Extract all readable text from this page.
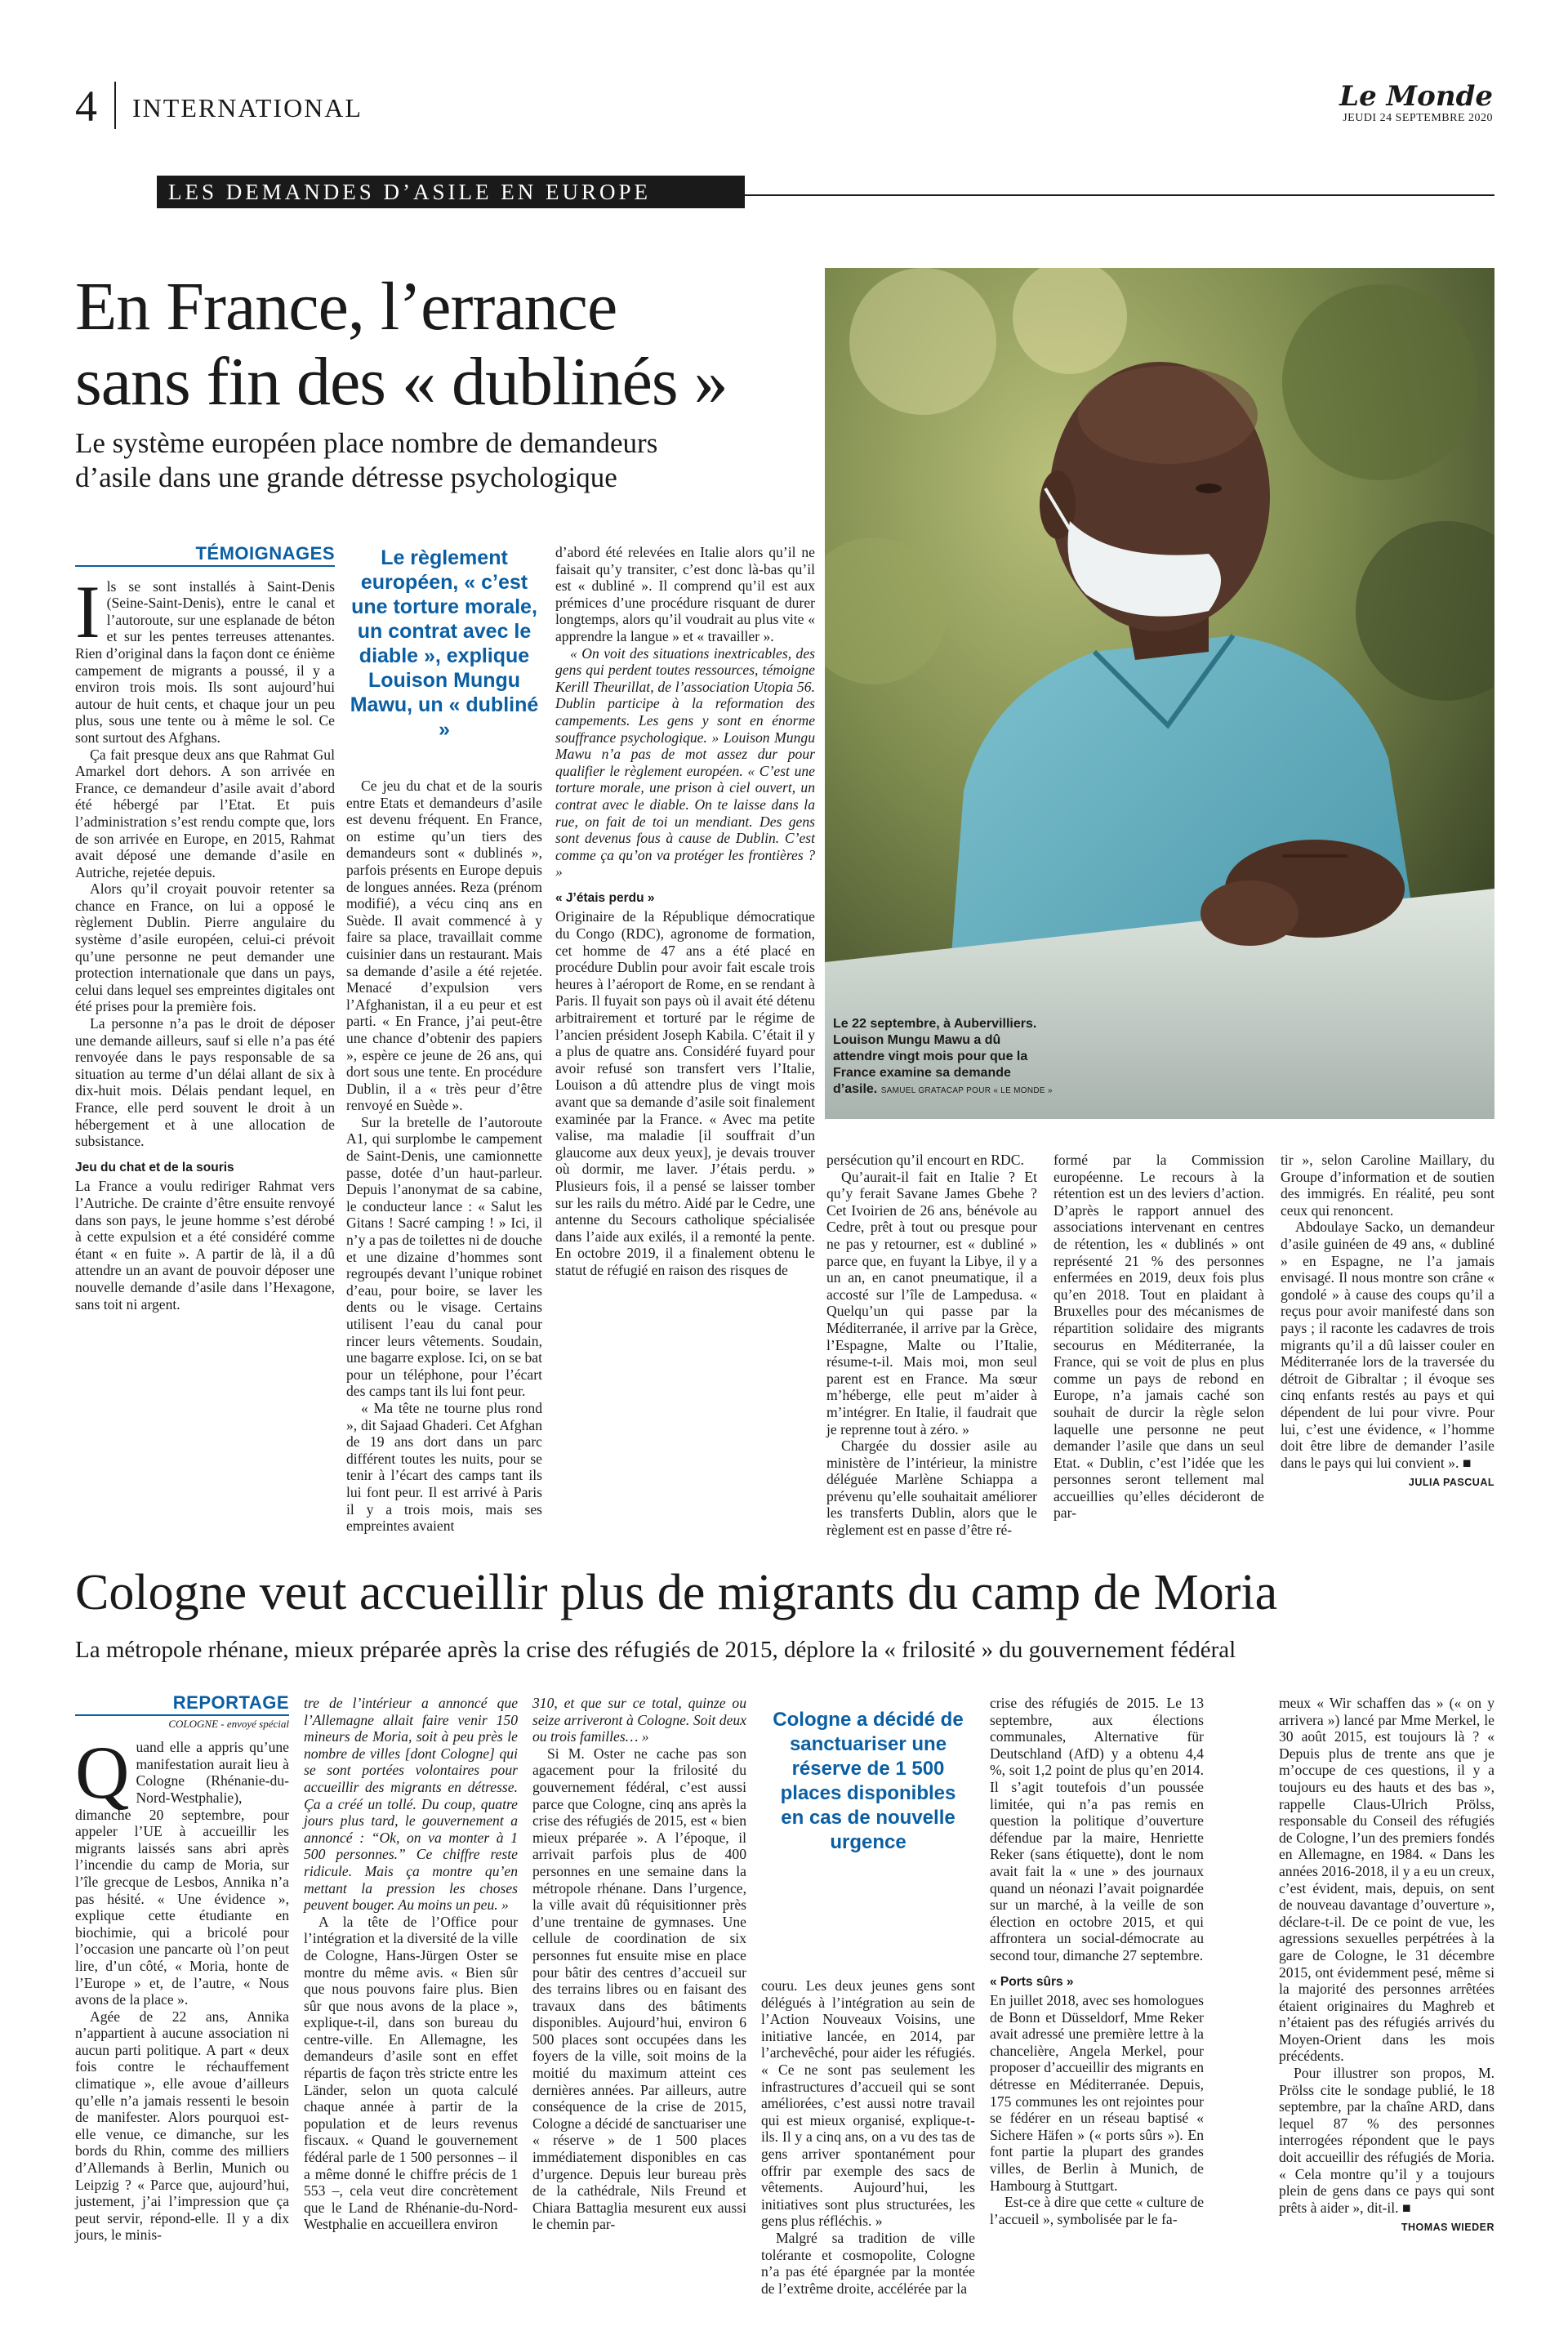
4 INTERNATIONAL	Le Monde
JEUDI 24 SEPTEMBRE 2020
LES DEMANDES D’ASILE EN EUROPE
En France, l’errance
sans fin des « dublinés »
Le système européen place nombre de demandeurs
d’asile dans une grande détresse psychologique
Le 22 septembre, à Aubervilliers. Louison Mungu Mawu a dû attendre vingt mois pour que la France examine sa demande d’asile. SAMUEL GRATACAP POUR « LE MONDE »
TÉMOIGNAGES

Ils se sont installés à Saint-Denis (Seine-Saint-Denis), entre le canal et l’autoroute, sur une esplanade de béton et sur les pentes terreuses attenantes. Rien d’original dans la façon dont ce énième campement de migrants a poussé, il y a environ trois mois. Ils sont aujourd’hui autour de huit cents, et chaque jour un peu plus, sous une tente ou à même le sol. Ce sont surtout des Afghans.

Ça fait presque deux ans que Rahmat Gul Amarkel dort dehors. A son arrivée en France, ce demandeur d’asile avait d’abord été hébergé par l’Etat. Et puis l’administration s’est rendu compte que, lors de son arrivée en Europe, en 2015, Rahmat avait déposé une demande d’asile en Autriche, rejetée depuis.

Alors qu’il croyait pouvoir retenter sa chance en France, on lui a opposé le règlement Dublin. Pierre angulaire du système d’asile européen, celui-ci prévoit qu’une personne ne peut demander une protection internationale que dans un pays, celui dans lequel ses empreintes digitales ont été prises pour la première fois.

La personne n’a pas le droit de déposer une demande ailleurs, sauf si elle n’a pas été renvoyée dans le pays responsable de sa situation au terme d’un délai allant de six à dix-huit mois. Délais pendant lequel, en France, elle perd souvent le droit à un hébergement et à une allocation de subsistance.

Jeu du chat et de la souris

La France a voulu rediriger Rahmat vers l’Autriche. De crainte d’être ensuite renvoyé dans son pays, le jeune homme s’est dérobé à cette expulsion et a été considéré comme étant « en fuite ». A partir de là, il a dû attendre un an avant de pouvoir déposer une nouvelle demande d’asile dans l’Hexagone, sans toit ni argent.

Le règlement européen, « c’est une torture morale, un contrat avec le diable », explique Louison Mungu Mawu, un « dubliné »

Ce jeu du chat et de la souris entre Etats et demandeurs d’asile est devenu fréquent. En France, on estime qu’un tiers des demandeurs sont « dublinés », parfois présents en Europe depuis de longues années. Reza (prénom modifié), a vécu cinq ans en Suède. Il avait commencé à y faire sa place, travaillait comme cuisinier dans un restaurant. Mais sa demande d’asile a été rejetée. Menacé d’expulsion vers l’Afghanistan, il a eu peur et est parti. « En France, j’ai peut-être une chance d’obtenir des papiers », espère ce jeune de 26 ans, qui dort sous une tente. En procédure Dublin, il a « très peur d’être renvoyé en Suède ».

Sur la bretelle de l’autoroute A1, qui surplombe le campement de Saint-Denis, une camionnette passe, dotée d’un haut-parleur. Depuis l’anonymat de sa cabine, le conducteur lance : « Salut les Gitans ! Sacré camping ! » Ici, il n’y a pas de toilettes ni de douche et une dizaine d’hommes sont regroupés devant l’unique robinet d’eau, pour boire, se laver les dents ou le visage. Certains utilisent l’eau du canal pour rincer leurs vêtements. Soudain, une bagarre explose. Ici, on se bat pour un téléphone, pour l’écart des camps tant ils lui font peur.

« Ma tête ne tourne plus rond », dit Sajaad Ghaderi. Cet Afghan de 19 ans dort dans un parc différent toutes les nuits, pour se tenir à l’écart des camps tant ils lui font peur. Il est arrivé à Paris il y a trois mois, mais ses empreintes avaient

d’abord été relevées en Italie alors qu’il ne faisait qu’y transiter, c’est donc là-bas qu’il est « dubliné ». Il comprend qu’il est aux prémices d’une procédure risquant de durer longtemps, alors qu’il voudrait au plus vite « apprendre la langue » et « travailler ».

« On voit des situations inextricables, des gens qui perdent toutes ressources, témoigne Kerill Theurillat, de l’association Utopia 56. Dublin participe à la reformation des campements. Les gens y sont en énorme souffrance psychologique. » Louison Mungu Mawu n’a pas de mot assez dur pour qualifier le règlement européen. « C’est une torture morale, une prison à ciel ouvert, un contrat avec le diable. On te laisse dans la rue, on fait de toi un mendiant. Des gens sont devenus fous à cause de Dublin. C’est comme ça qu’on va protéger les frontières ? »

« J’étais perdu »

Originaire de la République démocratique du Congo (RDC), agronome de formation, cet homme de 47 ans a été placé en procédure Dublin pour avoir fait escale trois heures à l’aéroport de Rome, en se rendant à Paris. Il fuyait son pays où il avait été détenu arbitrairement et torturé par le régime de l’ancien président Joseph Kabila. C’était il y a plus de quatre ans. Considéré fuyard pour avoir refusé son transfert vers l’Italie, Louison a dû attendre plus de vingt mois avant que sa demande d’asile soit finalement examinée par la France. « Avec ma petite valise, ma maladie [il souffrait d’un glaucome aux deux yeux], je devais trouver où dormir, me laver. J’étais perdu. » Plusieurs fois, il a pensé se laisser tomber sur les rails du métro. Aidé par le Cedre, une antenne du Secours catholique spécialisée dans l’aide aux exilés, il a remonté la pente. En octobre 2019, il a finalement obtenu le statut de réfugié en raison des risques de

persécution qu’il encourt en RDC.

Qu’aurait-il fait en Italie ? Et qu’y ferait Savane James Gbehe ? Cet Ivoirien de 26 ans, bénévole au Cedre, prêt à tout ou presque pour ne pas y retourner, est « dubliné » parce que, en fuyant la Libye, il y a un an, en canot pneumatique, il a accosté sur l’île de Lampedusa. « Quelqu’un qui passe par la Méditerranée, il arrive par la Grèce, l’Espagne, Malte ou l’Italie, résume-t-il. Mais moi, mon seul parent est en France. Ma sœur m’héberge, elle peut m’aider à m’intégrer. En Italie, il faudrait que je reprenne tout à zéro. »

Chargée du dossier asile au ministère de l’intérieur, la ministre déléguée Marlène Schiappa a prévenu qu’elle souhaitait améliorer les transferts Dublin, alors que le règlement est en passe d’être ré-

formé par la Commission européenne. Le recours à la rétention est un des leviers d’action. D’après le rapport annuel des associations intervenant en centres de rétention, les « dublinés » ont représenté 21 % des personnes enfermées en 2019, deux fois plus qu’en 2018. Tout en plaidant à Bruxelles pour des mécanismes de répartition solidaire des migrants secourus en Méditerranée, la France, qui se voit de plus en plus comme un pays de rebond en Europe, n’a jamais caché son souhait de durcir la règle selon laquelle une personne ne peut demander l’asile que dans un seul Etat. « Dublin, c’est l’idée que les personnes seront tellement mal accueillies qu’elles décideront de par-

tir », selon Caroline Maillary, du Groupe d’information et de soutien des immigrés. En réalité, peu sont ceux qui renoncent.

Abdoulaye Sacko, un demandeur d’asile guinéen de 49 ans, « dubliné » en Espagne, ne l’a jamais envisagé. Il nous montre son crâne « gondolé » à cause des coups qu’il a reçus pour avoir manifesté dans son pays ; il raconte les cadavres de trois migrants qu’il a dû laisser couler en Méditerranée lors de la traversée du détroit de Gibraltar ; il évoque ses cinq enfants restés au pays et qui dépendent de lui pour vivre. Pour lui, c’est une évidence, « l’homme doit être libre de demander l’asile dans le pays qui lui convient ». ■

JULIA PASCUAL

Cologne veut accueillir plus de migrants du camp de Moria
La métropole rhénane, mieux préparée après la crise des réfugiés de 2015, déplore la « frilosité » du gouvernement fédéral
REPORTAGE
COLOGNE - envoyé spécial

Quand elle a appris qu’une manifestation aurait lieu à Cologne (Rhénanie-du-Nord-Westphalie), dimanche 20 septembre, pour appeler l’UE à accueillir les migrants laissés sans abri après l’incendie du camp de Moria, sur l’île grecque de Lesbos, Annika n’a pas hésité. « Une évidence », explique cette étudiante en biochimie, qui a bricolé pour l’occasion une pancarte où l’on peut lire, d’un côté, « Moria, honte de l’Europe » et, de l’autre, « Nous avons de la place ».

Agée de 22 ans, Annika n’appartient à aucune association ni aucun parti politique. A part « deux fois contre le réchauffement climatique », elle avoue d’ailleurs qu’elle n’a jamais ressenti le besoin de manifester. Alors pourquoi est-elle venue, ce dimanche, sur les bords du Rhin, comme des milliers d’Allemands à Berlin, Munich ou Leipzig ? « Parce que, aujourd’hui, justement, j’ai l’impression que ça peut servir, répond-elle. Il y a dix jours, le minis-

tre de l’intérieur a annoncé que l’Allemagne allait faire venir 150 mineurs de Moria, soit à peu près le nombre de villes [dont Cologne] qui se sont portées volontaires pour accueillir des migrants en détresse. Ça a créé un tollé. Du coup, quatre jours plus tard, le gouvernement a annoncé : “Ok, on va monter à 1 500 personnes.” Ce chiffre reste ridicule. Mais ça montre qu’en mettant la pression les choses peuvent bouger. Au moins un peu. »

A la tête de l’Office pour l’intégration et la diversité de la ville de Cologne, Hans-Jürgen Oster se montre du même avis. « Bien sûr que nous pouvons faire plus. Bien sûr que nous avons de la place », explique-t-il, dans son bureau du centre-ville. En Allemagne, les demandeurs d’asile sont en effet répartis de façon très stricte entre les Länder, selon un quota calculé chaque année à partir de la population et de leurs revenus fiscaux. « Quand le gouvernement fédéral parle de 1 500 personnes – il a même donné le chiffre précis de 1 553 –, cela veut dire concrètement que le Land de Rhénanie-du-Nord-Westphalie en accueillera environ

310, et que sur ce total, quinze ou seize arriveront à Cologne. Soit deux ou trois familles… »

Si M. Oster ne cache pas son agacement pour la frilosité du gouvernement fédéral, c’est aussi parce que Cologne, cinq ans après la crise des réfugiés de 2015, est « bien mieux préparée ». A l’époque, il arrivait parfois plus de 400 personnes en une semaine dans la métropole rhénane. Dans l’urgence, la ville avait dû réquisitionner près d’une trentaine de gymnases. Une cellule de coordination de six personnes fut ensuite mise en place pour bâtir des centres d’accueil sur des terrains libres ou en faisant des travaux dans des bâtiments disponibles. Aujourd’hui, environ 6 500 places sont occupées dans les foyers de la ville, soit moins de la moitié du maximum atteint ces dernières années. Par ailleurs, autre conséquence de la crise de 2015, Cologne a décidé de sanctuariser une « réserve » de 1 500 places immédiatement disponibles en cas d’urgence. Depuis leur bureau près de la cathédrale, Nils Freund et Chiara Battaglia mesurent eux aussi le chemin par-

Cologne a décidé de sanctuariser une réserve de 1 500 places disponibles en cas de nouvelle urgence

couru. Les deux jeunes gens sont délégués à l’intégration au sein de l’Action Nouveaux Voisins, une initiative lancée, en 2014, par l’archevêché, pour aider les réfugiés. « Ce ne sont pas seulement les infrastructures d’accueil qui se sont améliorées, c’est aussi notre travail qui est mieux organisé, explique-t-ils. Il y a cinq ans, on a vu des tas de gens arriver spontanément pour offrir par exemple des sacs de vêtements. Aujourd’hui, les initiatives sont plus structurées, les gens plus réfléchis. »

Malgré sa tradition de ville tolérante et cosmopolite, Cologne n’a pas été épargnée par la montée de l’extrême droite, accélérée par la

crise des réfugiés de 2015. Le 13 septembre, aux élections communales, Alternative für Deutschland (AfD) y a obtenu 4,4 %, soit 1,2 point de plus qu’en 2014. Il s’agit toutefois d’un poussée limitée, qui n’a pas remis en question la politique d’ouverture défendue par la maire, Henriette Reker (sans étiquette), dont le nom avait fait la « une » des journaux quand un néonazi l’avait poignardée sur un marché, à la veille de son élection en octobre 2015, et qui affrontera un social-démocrate au second tour, dimanche 27 septembre.

« Ports sûrs »

En juillet 2018, avec ses homologues de Bonn et Düsseldorf, Mme Reker avait adressé une première lettre à la chancelière, Angela Merkel, pour proposer d’accueillir des migrants en détresse en Méditerranée. Depuis, 175 communes les ont rejointes pour se fédérer en un réseau baptisé « Sichere Häfen » (« ports sûrs »). En font partie la plupart des grandes villes, de Berlin à Munich, de Hambourg à Stuttgart.

Est-ce à dire que cette « culture de l’accueil », symbolisée par le fa-

meux « Wir schaffen das » (« on y arrivera ») lancé par Mme Merkel, le 30 août 2015, est toujours là ? « Depuis plus de trente ans que je m’occupe de ces questions, il y a toujours eu des hauts et des bas », rappelle Claus-Ulrich Prölss, responsable du Conseil des réfugiés de Cologne, l’un des premiers fondés en Allemagne, en 1984. « Dans les années 2016-2018, il y a eu un creux, c’est évident, mais, depuis, on sent de nouveau davantage d’ouverture », déclare-t-il. De ce point de vue, les agressions sexuelles perpétrées à la gare de Cologne, le 31 décembre 2015, ont évidemment pesé, même si la majorité des personnes arrêtées étaient originaires du Maghreb et n’étaient pas des réfugiés arrivés du Moyen-Orient dans les mois précédents.

Pour illustrer son propos, M. Prölss cite le sondage publié, le 18 septembre, par la chaîne ARD, dans lequel 87 % des personnes interrogées répondent que le pays doit accueillir des réfugiés de Moria. « Cela montre qu’il y a toujours plein de gens dans ce pays qui sont prêts à aider », dit-il. ■

THOMAS WIEDER
